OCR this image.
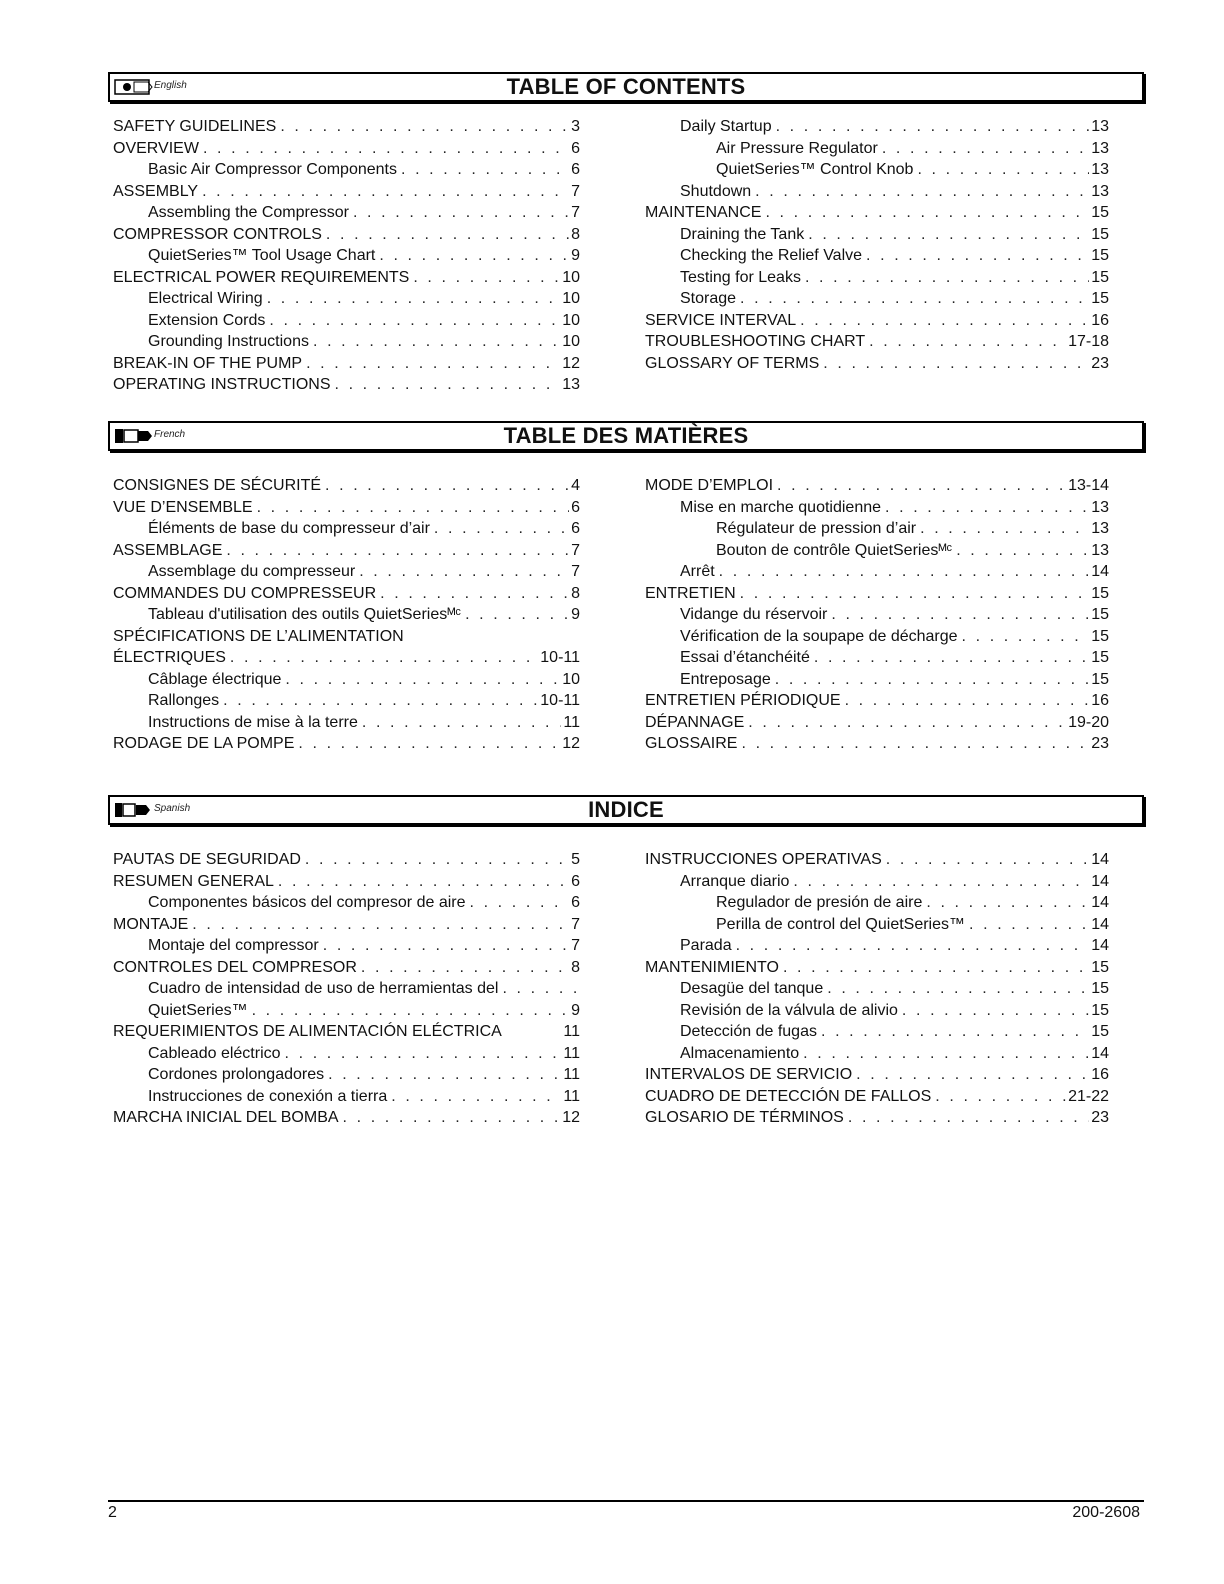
English	TABLE OF CONTENTS
SAFETY GUIDELINES . . .	3
OVERVIEW . . .	6
Basic Air Compressor Components . . .	6
ASSEMBLY . . .	7
Assembling the Compressor . . .	7
COMPRESSOR CONTROLS . . .	8
QuietSeries™ Tool Usage Chart . . .	9
ELECTRICAL POWER REQUIREMENTS . . .	10
Electrical Wiring . . .	10
Extension Cords . . .	10
Grounding Instructions . . .	10
BREAK-IN OF THE PUMP . . .	12
OPERATING INSTRUCTIONS . . .	13
Daily Startup . . .	13
Air Pressure Regulator . . .	13
QuietSeries™ Control Knob . . .	13
Shutdown . . .	13
MAINTENANCE . . .	15
Draining the Tank . . .	15
Checking the Relief Valve . . .	15
Testing for Leaks . . .	15
Storage . . .	15
SERVICE INTERVAL . . .	16
TROUBLESHOOTING CHART . . .	17-18
GLOSSARY OF TERMS . . .	23
French	TABLE DES MATIÈRES
CONSIGNES DE SÉCURITÉ . . .	4
VUE D’ENSEMBLE . . .	6
Éléments de base du compresseur d’air . . .	6
ASSEMBLAGE . . .	7
Assemblage du compresseur . . .	7
COMMANDES DU COMPRESSEUR . . .	8
Tableau d'utilisation des outils QuietSeriesᴹᶜ . . .	9
SPÉCIFICATIONS DE L’ALIMENTATION
ÉLECTRIQUES . . .	10-11
Câblage électrique . . .	10
Rallonges . . .	10-11
Instructions de mise à la terre . . .	11
RODAGE DE LA POMPE . . .	12
MODE D’EMPLOI . . .	13-14
Mise en marche quotidienne . . .	13
Régulateur de pression d’air . . .	13
Bouton de contrôle QuietSeriesᴹᶜ . . .	13
Arrêt . . .	14
ENTRETIEN . . .	15
Vidange du réservoir . . .	15
Vérification de la soupape de décharge . . .	15
Essai d’étanchéité . . .	15
Entreposage . . .	15
ENTRETIEN PÉRIODIQUE . . .	16
DÉPANNAGE . . .	19-20
GLOSSAIRE . . .	23
Spanish	INDICE
PAUTAS DE SEGURIDAD . . .	5
RESUMEN GENERAL . . .	6
Componentes básicos del compresor de aire . . .	6
MONTAJE . . .	7
Montaje del compressor . . .	7
CONTROLES DEL COMPRESOR . . .	8
Cuadro de intensidad de uso de herramientas del
. . .
QuietSeries™ . . .	9
REQUERIMIENTOS DE ALIMENTACIÓN ELÉCTRICA	11
Cableado eléctrico . . .	11
Cordones prolongadores . . .	11
Instrucciones de conexión a tierra . . .	11
MARCHA INICIAL DEL BOMBA . . .	12
INSTRUCCIONES OPERATIVAS . . .	14
Arranque diario . . .	14
Regulador de presión de aire . . .	14
Perilla de control del QuietSeries™ . . .	14
Parada . . .	14
MANTENIMIENTO . . .	15
Desagüe del tanque . . .	15
Revisión de la válvula de alivio . . .	15
Detección de fugas . . .	15
Almacenamiento . . .	14
INTERVALOS DE SERVICIO . . .	16
CUADRO DE DETECCIÓN DE FALLOS . . .	21-22
GLOSARIO DE TÉRMINOS . . .	23
2	200-2608
